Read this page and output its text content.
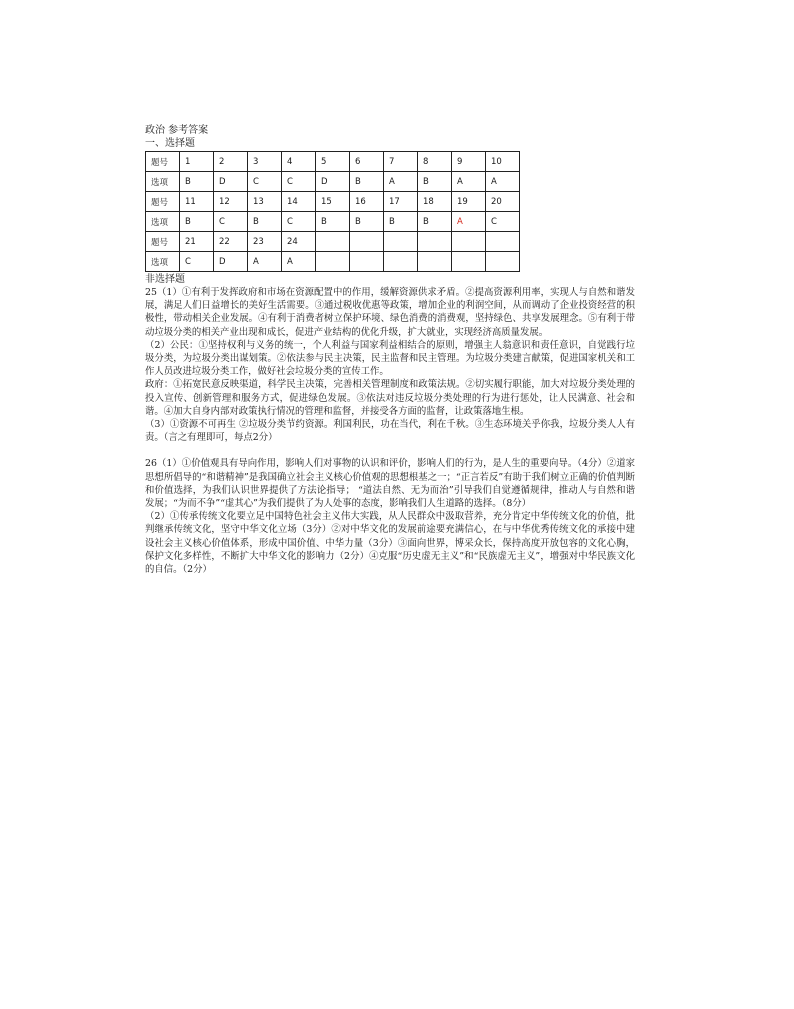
政治 参考答案
一、选择题
题号	1	2	3	4	5	6	7	8	9	10
选项	B	D	C	C	D	B	A	B	A	A
题号	11	12	13	14	15	16	17	18	19	20
选项	B	C	B	C	B	B	B	B	A	C
题号	21	22	23	24						
选项	C	D	A	A						
非选择题

25（1）①有利于发挥政府和市场在资源配置中的作用，缓解资源供求矛盾。②提高资源利用率，实现人与自然和谐发展，满足人们日益增长的美好生活需要。③通过税收优惠等政策，增加企业的利润空间，从而调动了企业投资经营的积极性，带动相关企业发展。④有利于消费者树立保护环境、绿色消费的消费观，坚持绿色、共享发展理念。⑤有利于带动垃圾分类的相关产业出现和成长，促进产业结构的优化升级，扩大就业，实现经济高质量发展。

（2）公民：①坚持权利与义务的统一，个人利益与国家利益相结合的原则，增强主人翁意识和责任意识，自觉践行垃圾分类，为垃圾分类出谋划策。②依法参与民主决策，民主监督和民主管理。为垃圾分类建言献策，促进国家机关和工作人员改进垃圾分类工作，做好社会垃圾分类的宣传工作。

政府：①拓宽民意反映渠道，科学民主决策，完善相关管理制度和政策法规。②切实履行职能，加大对垃圾分类处理的投入宣传、创新管理和服务方式，促进绿色发展。③依法对违反垃圾分类处理的行为进行惩处，让人民满意、社会和谐。④加大自身内部对政策执行情况的管理和监督，并接受各方面的监督，让政策落地生根。

（3）①资源不可再生 ②垃圾分类节约资源。利国利民，功在当代，利在千秋。③生态环境关乎你我，垃圾分类人人有责。（言之有理即可，每点2分）

26（1）①价值观具有导向作用，影响人们对事物的认识和评价，影响人们的行为，是人生的重要向导。（4分）②道家思想所倡导的“和谐精神”是我国确立社会主义核心价值观的思想根基之一；“正言若反”有助于我们树立正确的价值判断和价值选择，为我们认识世界提供了方法论指导； “道法自然、无为而治”引导我们自觉遵循规律，推动人与自然和谐发展；“为而不争”“虚其心”为我们提供了为人处事的态度，影响我们人生道路的选择。（8分）

（2）①传承传统文化要立足中国特色社会主义伟大实践，从人民群众中汲取营养，充分肯定中华传统文化的价值，批判继承传统文化，坚守中华文化立场（3分）②对中华文化的发展前途要充满信心，在与中华优秀传统文化的承接中建设社会主义核心价值体系，形成中国价值、中华力量（3分）③面向世界，博采众长，保持高度开放包容的文化心胸，保护文化多样性，不断扩大中华文化的影响力（2分）④克服“历史虚无主义”和“民族虚无主义”，增强对中华民族文化的自信。（2分）
